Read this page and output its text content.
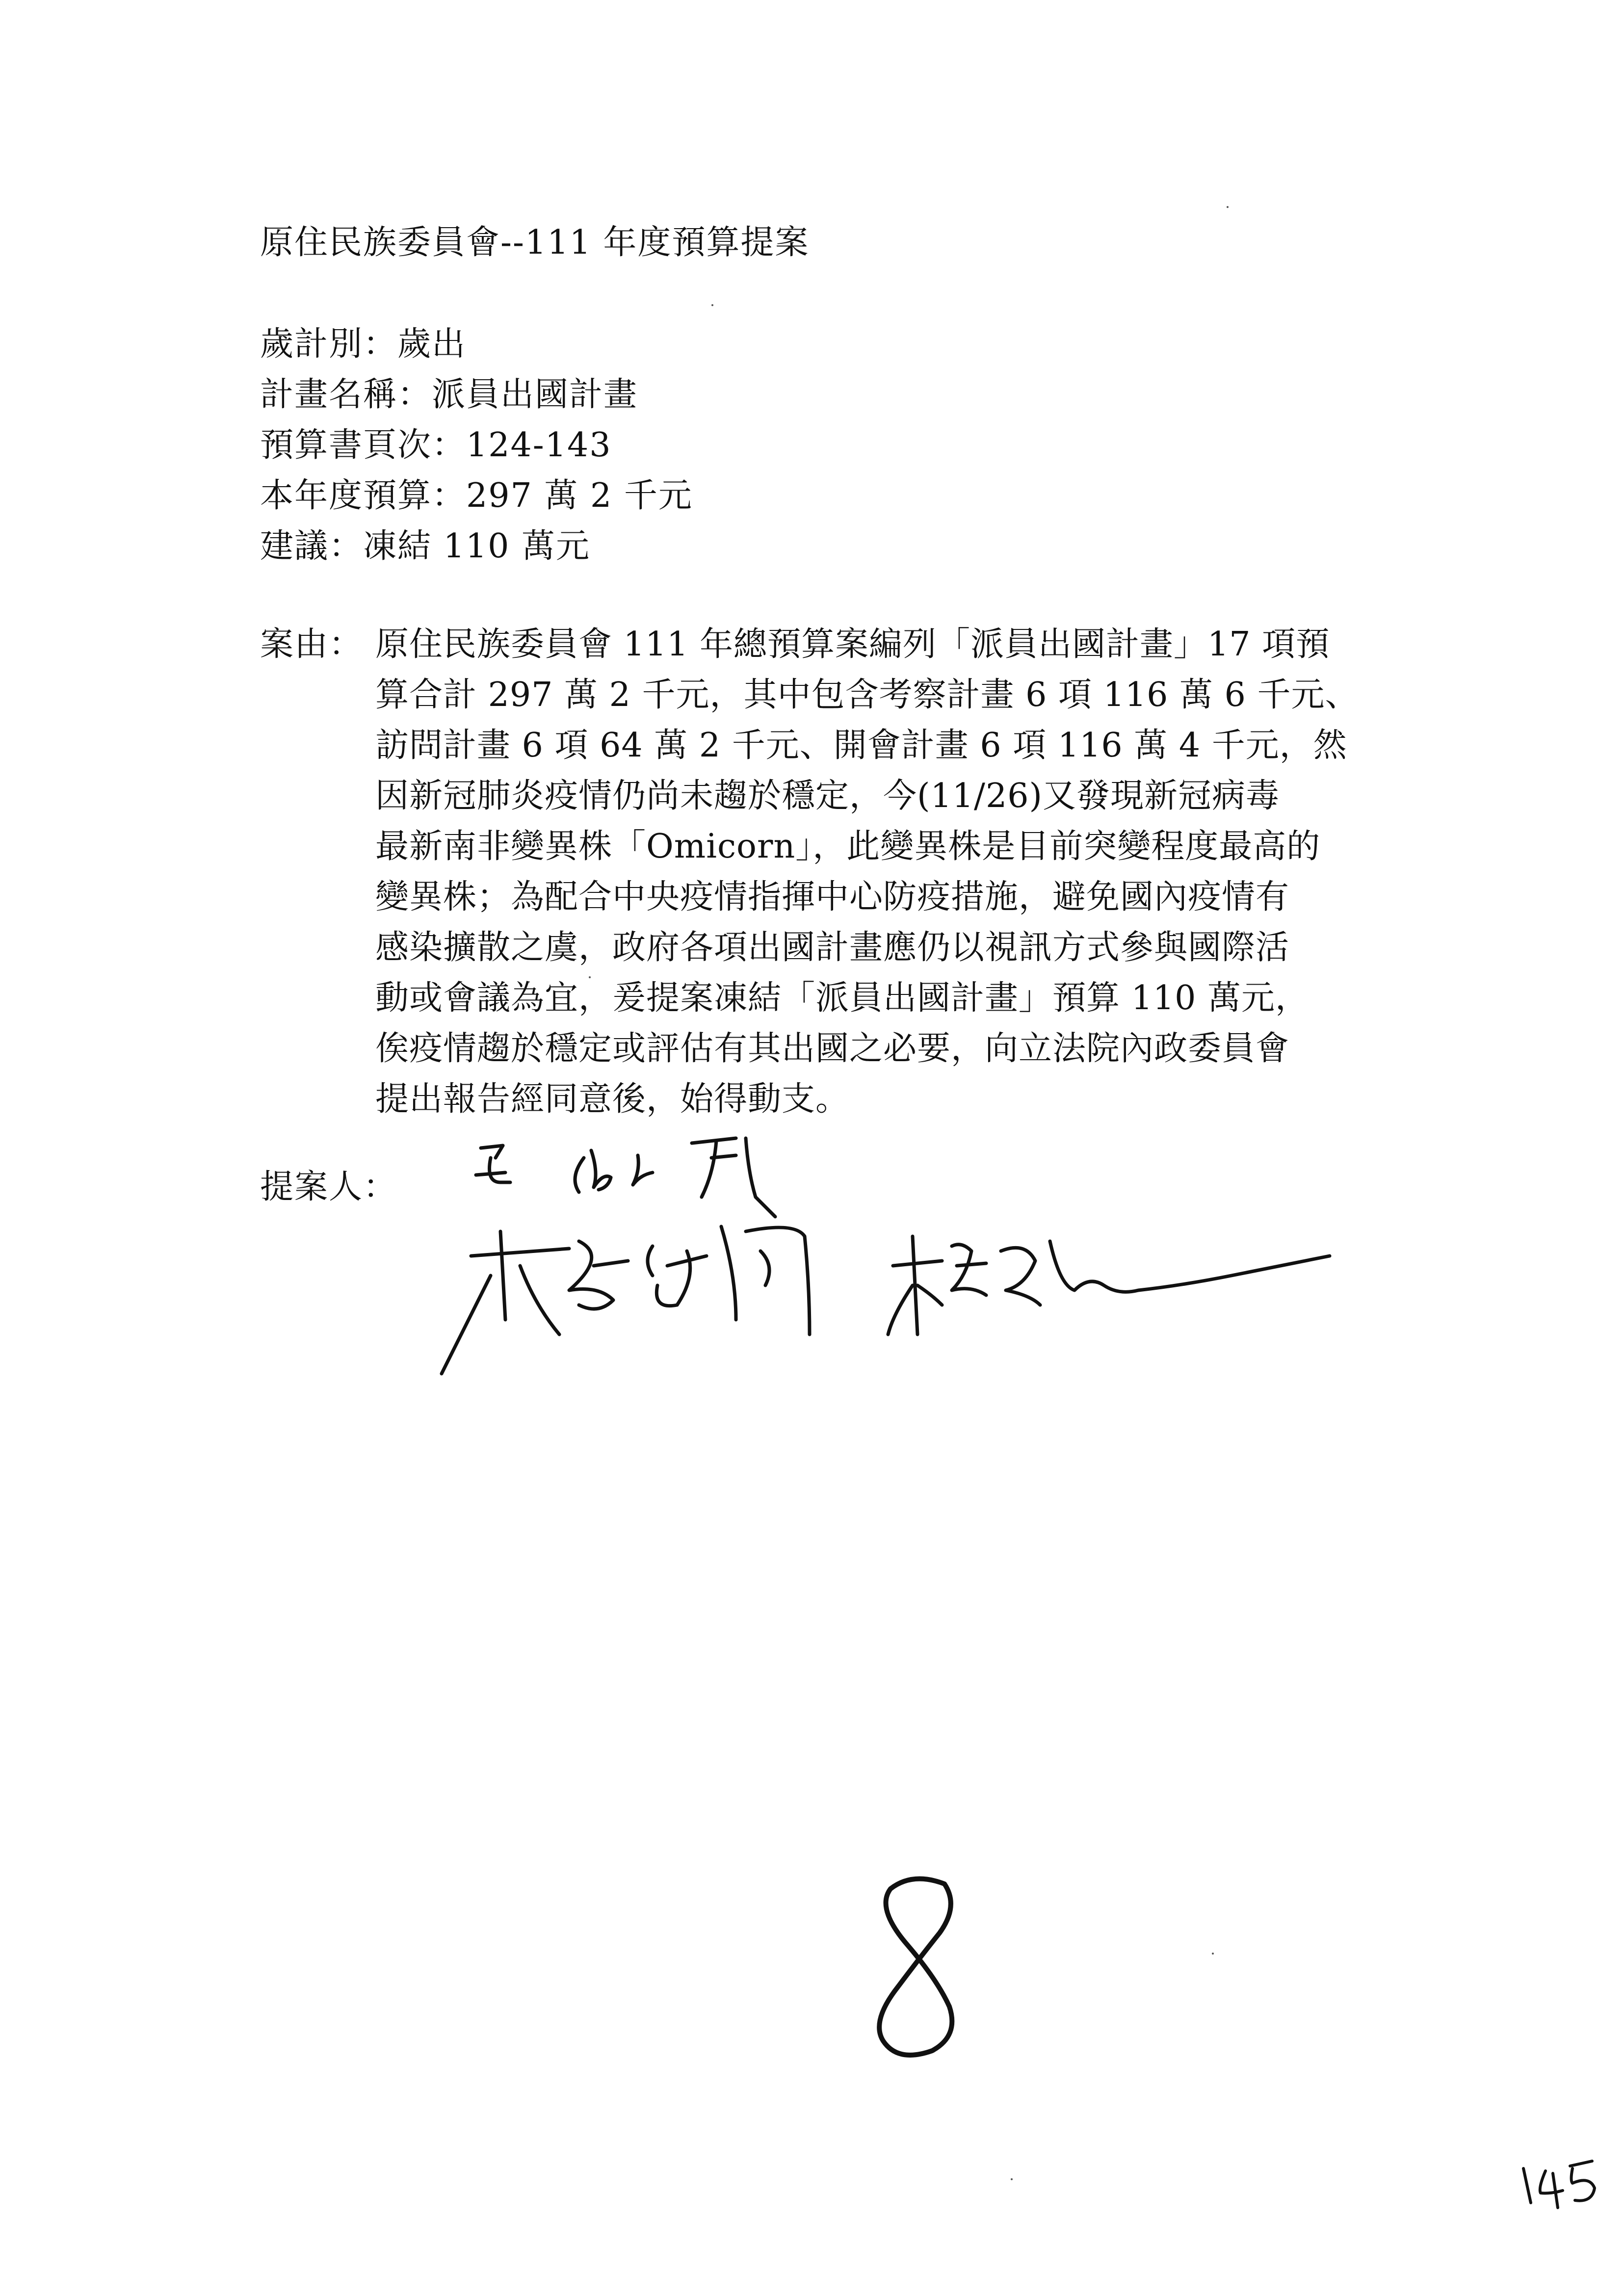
原住民族委員會--111 年度預算提案
歲計別：歲出
計畫名稱：派員出國計畫
預算書頁次：124-143
本年度預算：297 萬 2 千元
建議：凍結 110 萬元
案由： 原住民族委員會 111 年總預算案編列「派員出國計畫」17 項預
算合計 297 萬 2 千元，其中包含考察計畫 6 項 116 萬 6 千元、
訪問計畫 6 項 64 萬 2 千元、開會計畫 6 項 116 萬 4 千元，然
因新冠肺炎疫情仍尚未趨於穩定，今(11/26)又發現新冠病毒
最新南非變異株「Omicorn」，此變異株是目前突變程度最高的
變異株；為配合中央疫情指揮中心防疫措施，避免國內疫情有
感染擴散之虞，政府各項出國計畫應仍以視訊方式參與國際活
動或會議為宜，爰提案凍結「派員出國計畫」預算 110 萬元，
俟疫情趨於穩定或評估有其出國之必要，向立法院內政委員會
提出報告經同意後，始得動支。
提案人：
